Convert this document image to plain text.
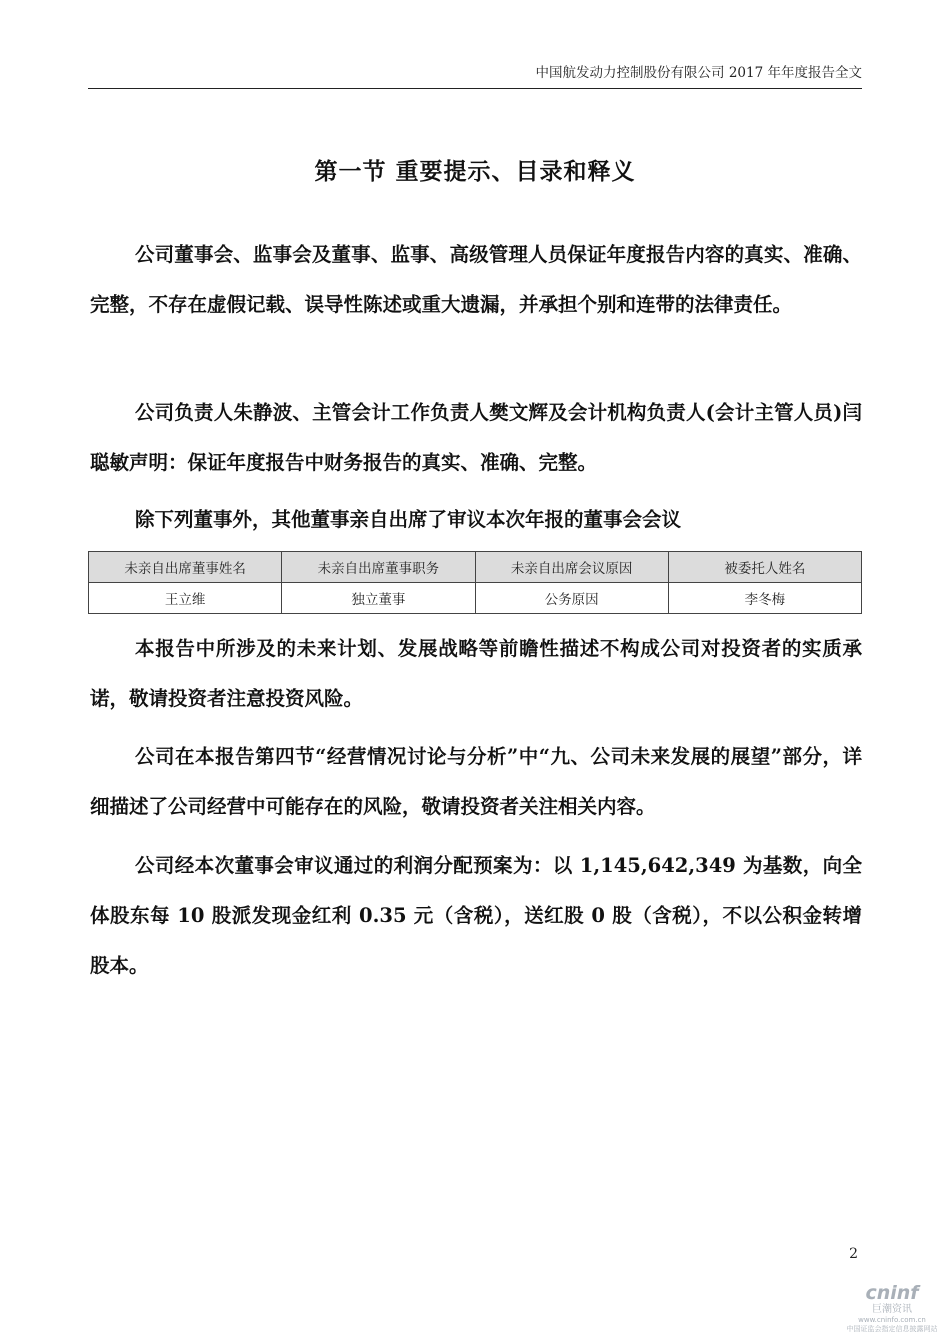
中国航发动力控制股份有限公司 2017 年年度报告全文
第一节 重要提示、目录和释义

公司董事会、监事会及董事、监事、高级管理人员保证年度报告内容的真实、准确、完整，不存在虚假记载、误导性陈述或重大遗漏，并承担个别和连带的法律责任。

公司负责人朱静波、主管会计工作负责人樊文辉及会计机构负责人(会计主管人员)闫聪敏声明：保证年度报告中财务报告的真实、准确、完整。

除下列董事外，其他董事亲自出席了审议本次年报的董事会会议

未亲自出席董事姓名	未亲自出席董事职务	未亲自出席会议原因	被委托人姓名
王立维	独立董事	公务原因	李冬梅

本报告中所涉及的未来计划、发展战略等前瞻性描述不构成公司对投资者的实质承诺，敬请投资者注意投资风险。

公司在本报告第四节“经营情况讨论与分析”中“九、公司未来发展的展望”部分，详细描述了公司经营中可能存在的风险，敬请投资者关注相关内容。

公司经本次董事会审议通过的利润分配预案为：以 1,145,642,349 为基数，向全体股东每 10 股派发现金红利 0.35 元（含税），送红股 0 股（含税），不以公积金转增股本。

2
cninf
巨潮资讯
www.cninfo.com.cn
中国证监会指定信息披露网站
